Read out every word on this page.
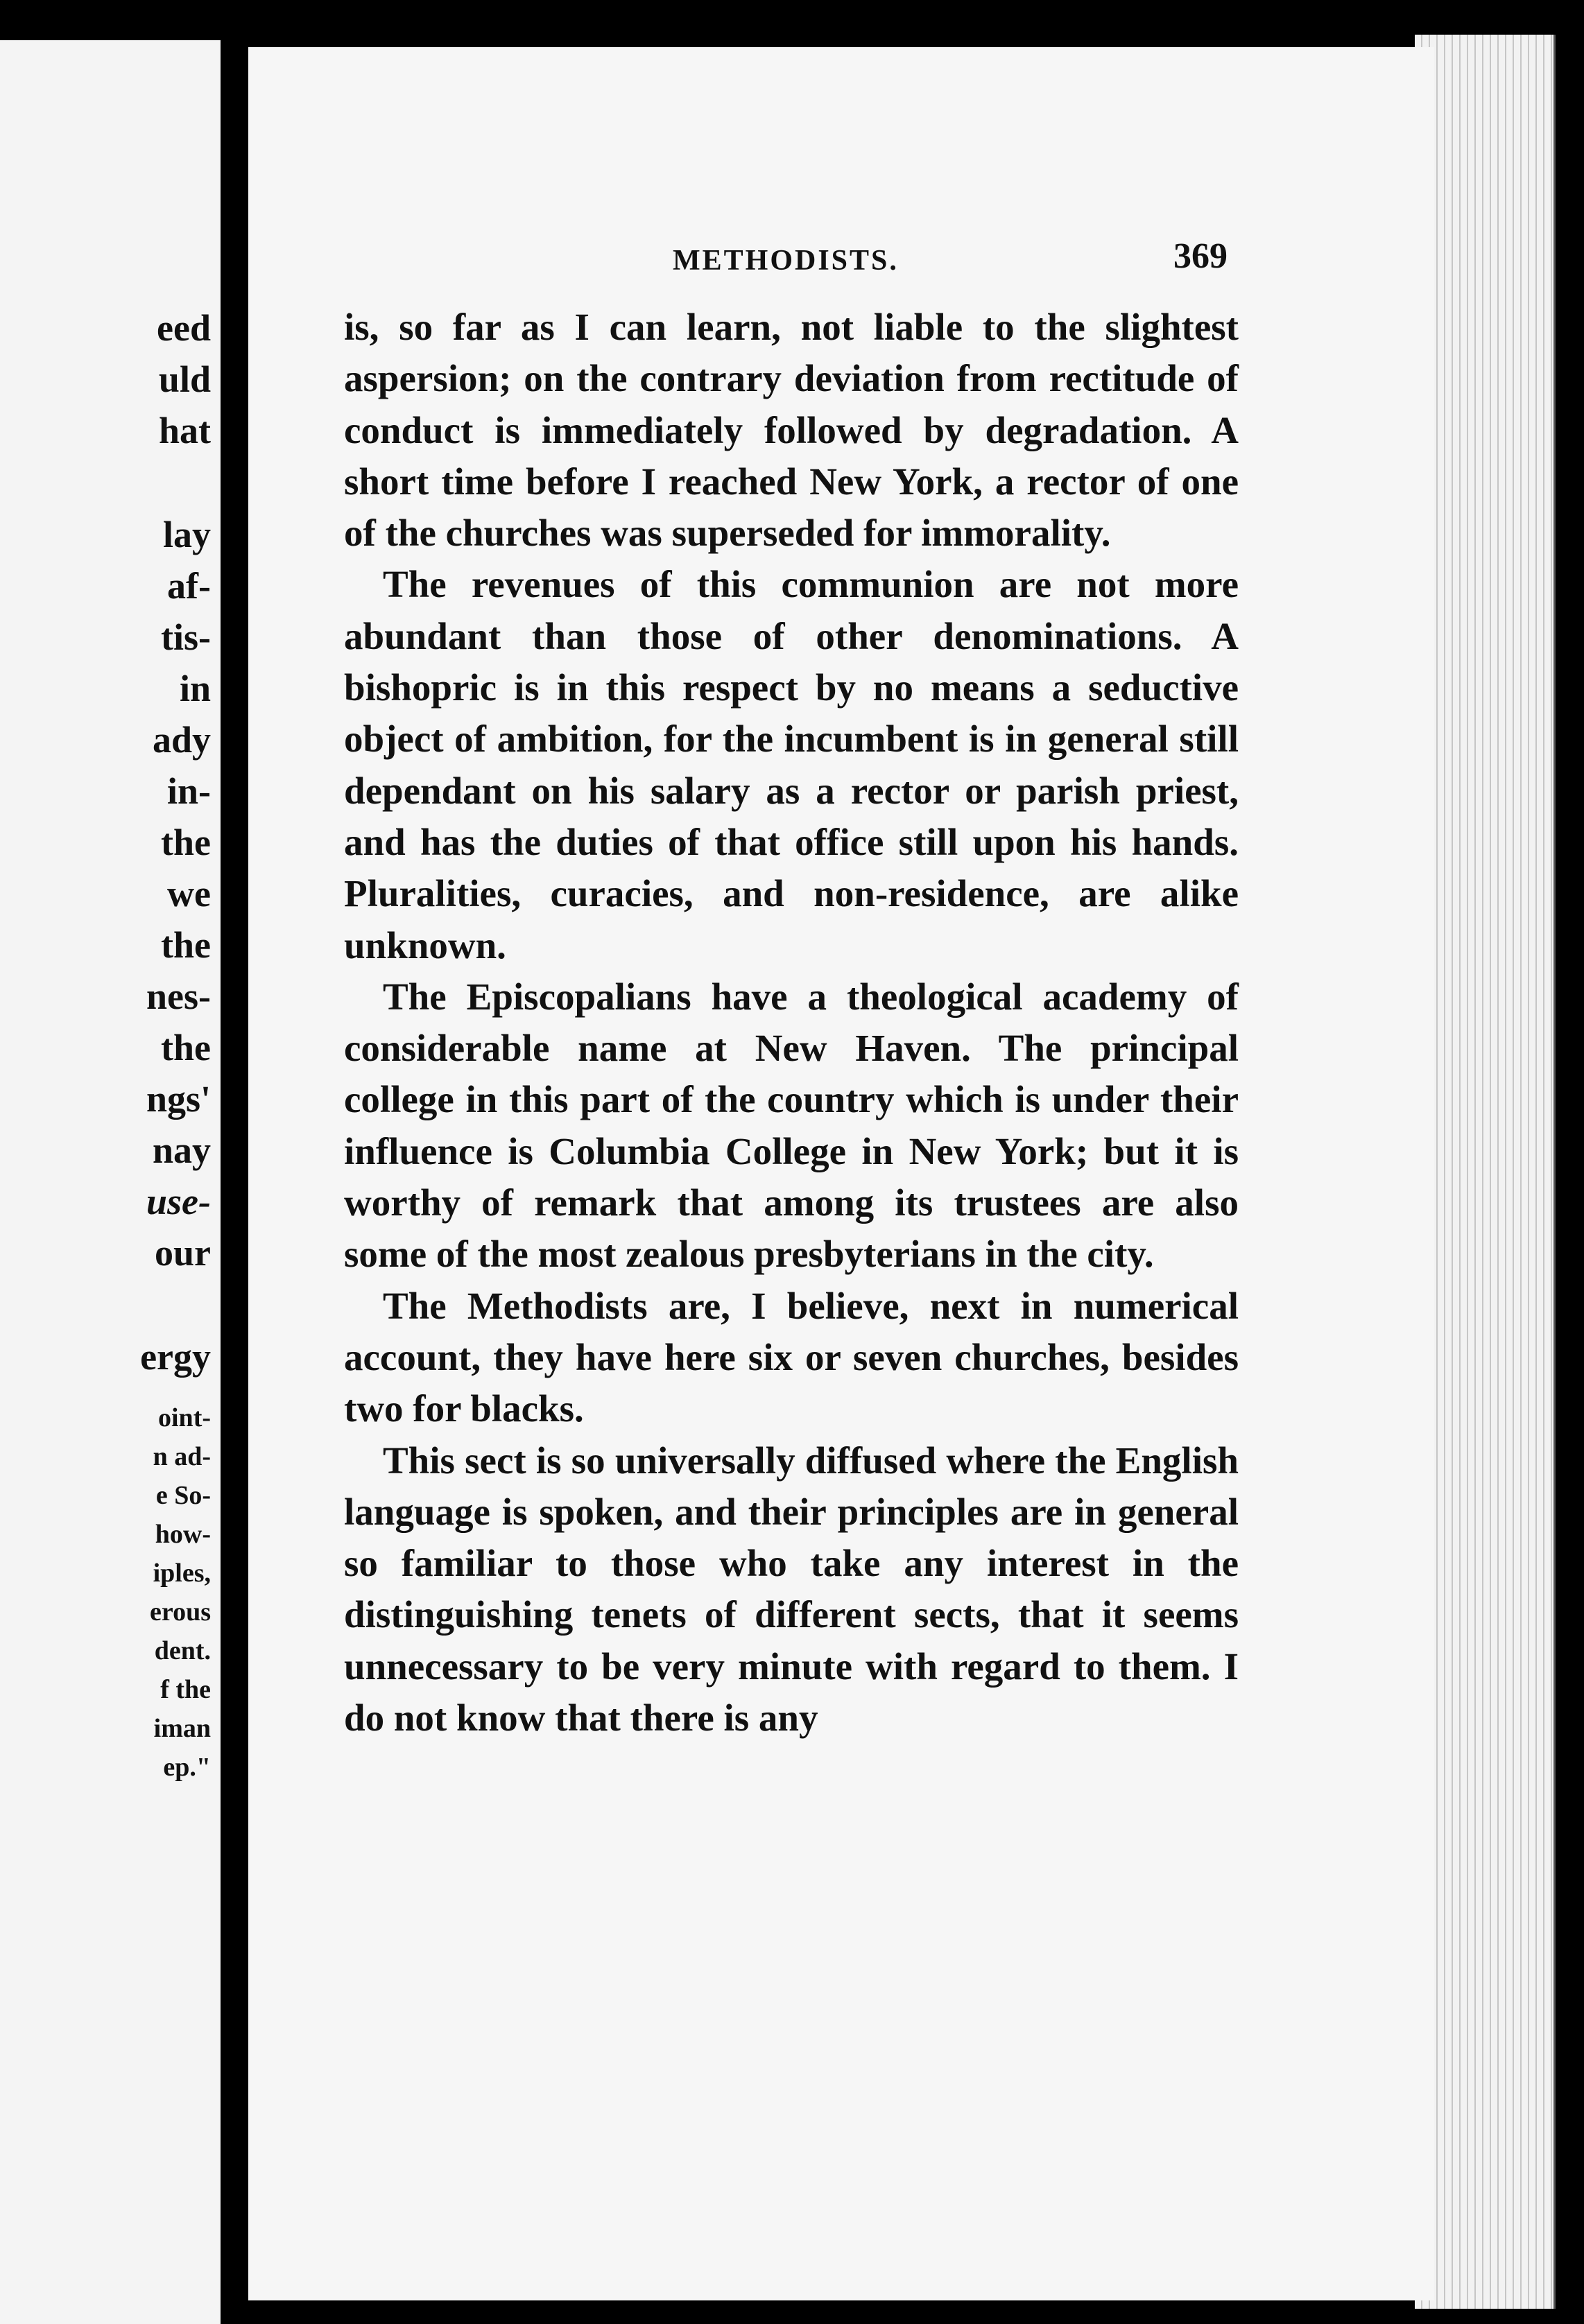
eed
uld
hat
lay
af-
tis-
in
ady
in-
the
we
the
nes-
the
ngs'
nay
use-
our
ergy
oint-
n ad-
e So-
how-
iples,
erous
dent.
f the
iman
ep."
METHODISTS.	369

is, so far as I can learn, not liable to the slightest aspersion; on the contrary deviation from rectitude of conduct is immediately followed by degradation. A short time before I reached New York, a rector of one of the churches was superseded for immorality.

The revenues of this communion are not more abundant than those of other denominations. A bishopric is in this respect by no means a seductive object of ambition, for the incumbent is in general still dependant on his salary as a rector or parish priest, and has the duties of that office still upon his hands. Pluralities, curacies, and non-residence, are alike unknown.

The Episcopalians have a theological academy of considerable name at New Haven. The principal college in this part of the country which is under their influence is Columbia College in New York; but it is worthy of remark that among its trustees are also some of the most zealous presbyterians in the city.

The Methodists are, I believe, next in numerical account, they have here six or seven churches, besides two for blacks.

This sect is so universally diffused where the English language is spoken, and their principles are in general so familiar to those who take any interest in the distinguishing tenets of different sects, that it seems unnecessary to be very minute with regard to them. I do not know that there is any
